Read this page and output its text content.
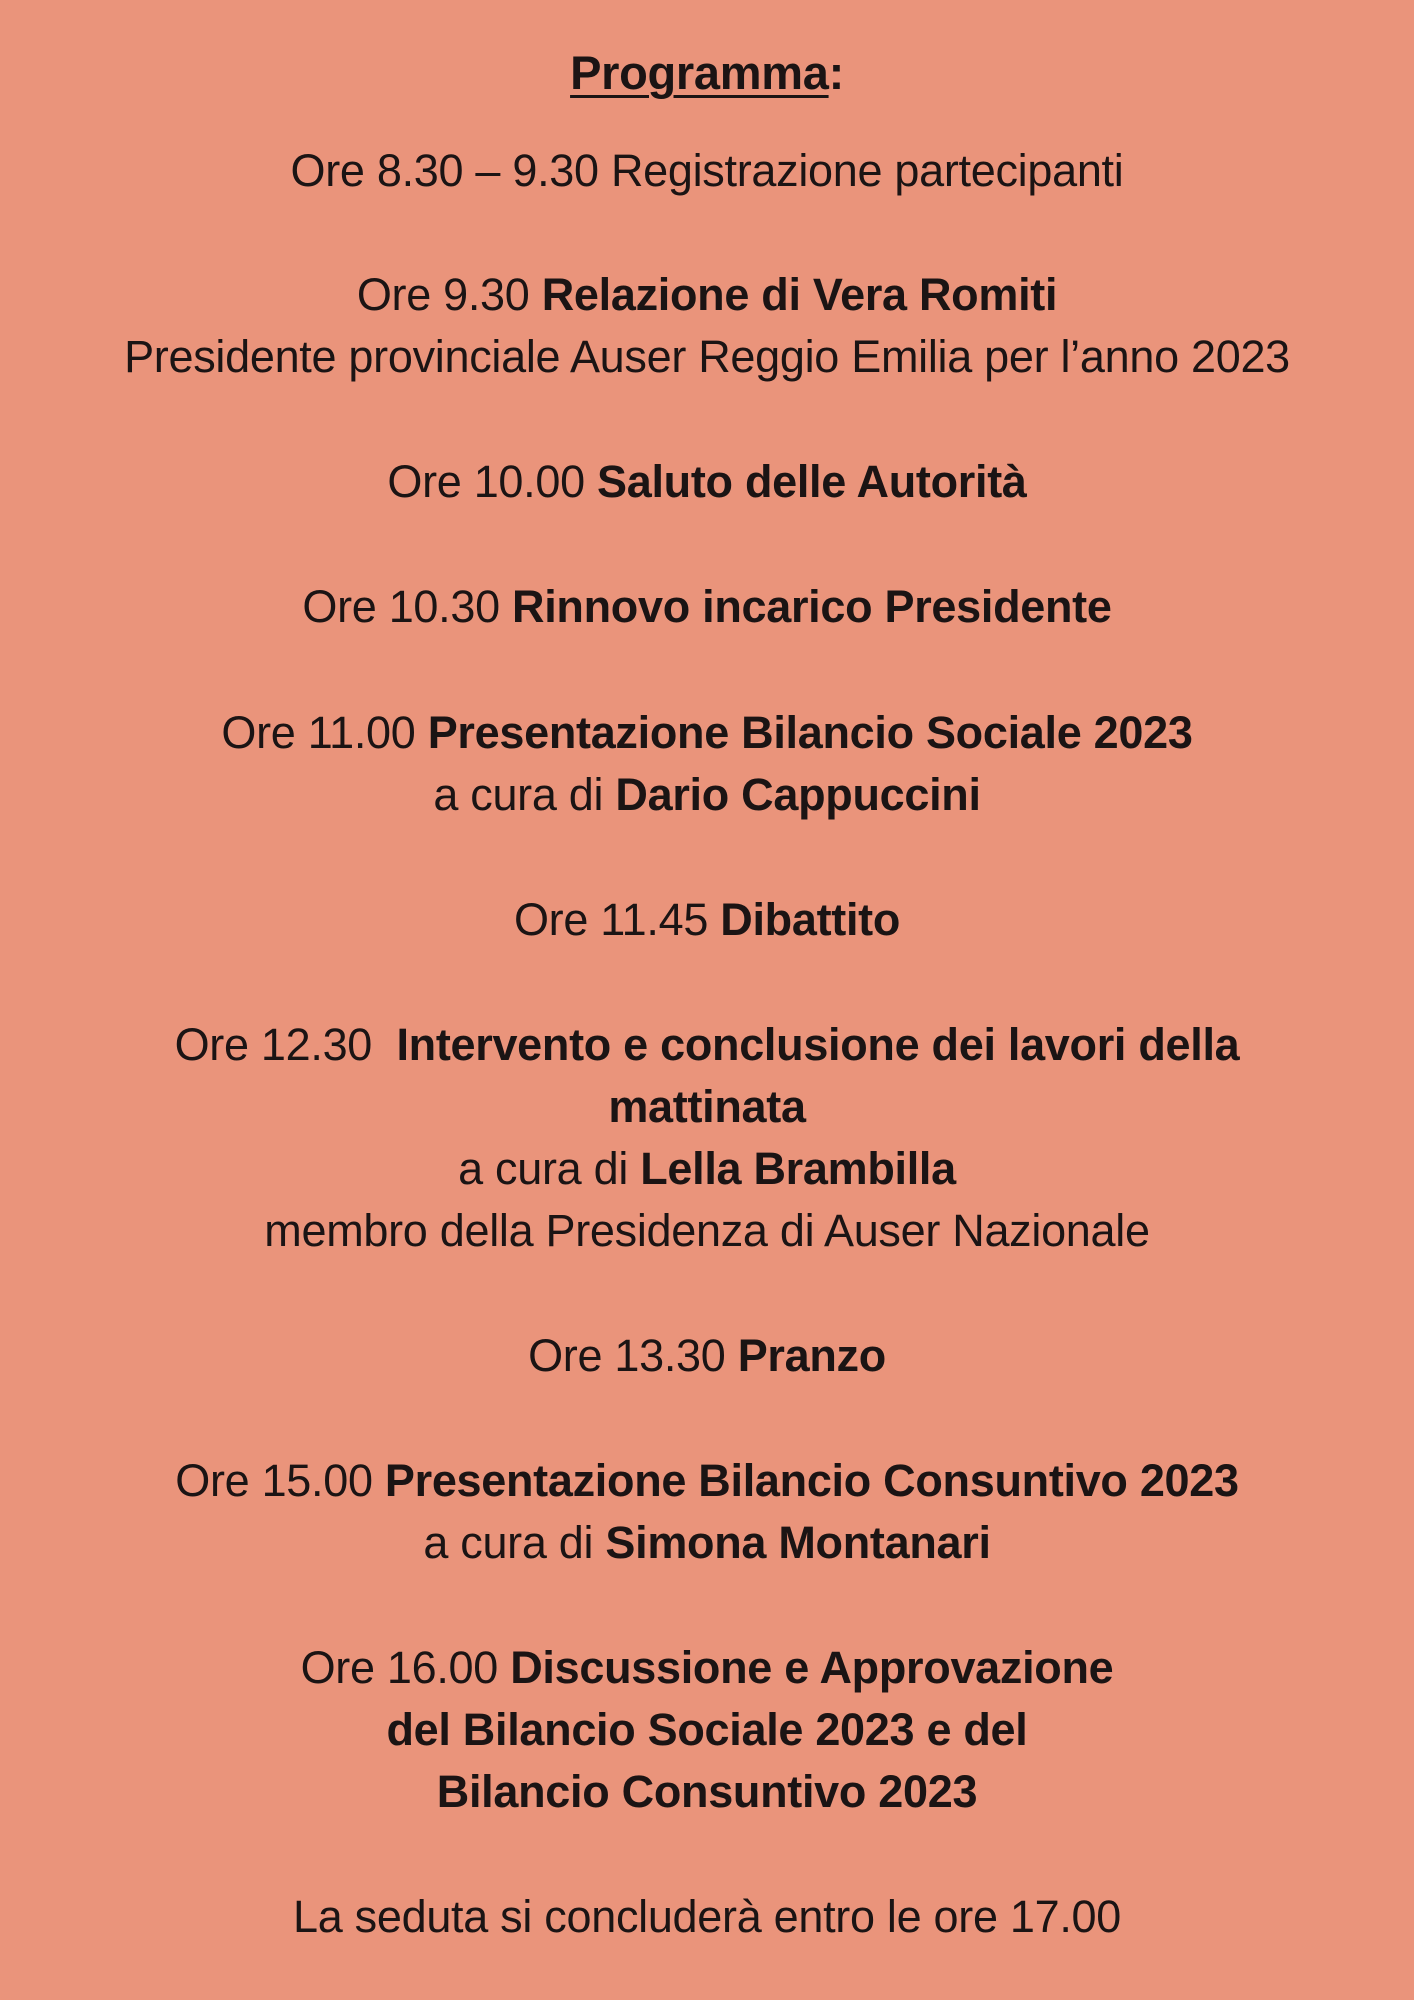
Programma:
Ore 8.30 – 9.30 Registrazione partecipanti
Ore 9.30 Relazione di Vera Romiti
Presidente provinciale Auser Reggio Emilia per l’anno 2023
Ore 10.00 Saluto delle Autorità
Ore 10.30 Rinnovo incarico Presidente
Ore 11.00 Presentazione Bilancio Sociale 2023
a cura di Dario Cappuccini
Ore 11.45 Dibattito
Ore 12.30 Intervento e conclusione dei lavori della
mattinata
a cura di Lella Brambilla
membro della Presidenza di Auser Nazionale
Ore 13.30 Pranzo
Ore 15.00 Presentazione Bilancio Consuntivo 2023
a cura di Simona Montanari
Ore 16.00 Discussione e Approvazione
del Bilancio Sociale 2023 e del
Bilancio Consuntivo 2023
La seduta si concluderà entro le ore 17.00
